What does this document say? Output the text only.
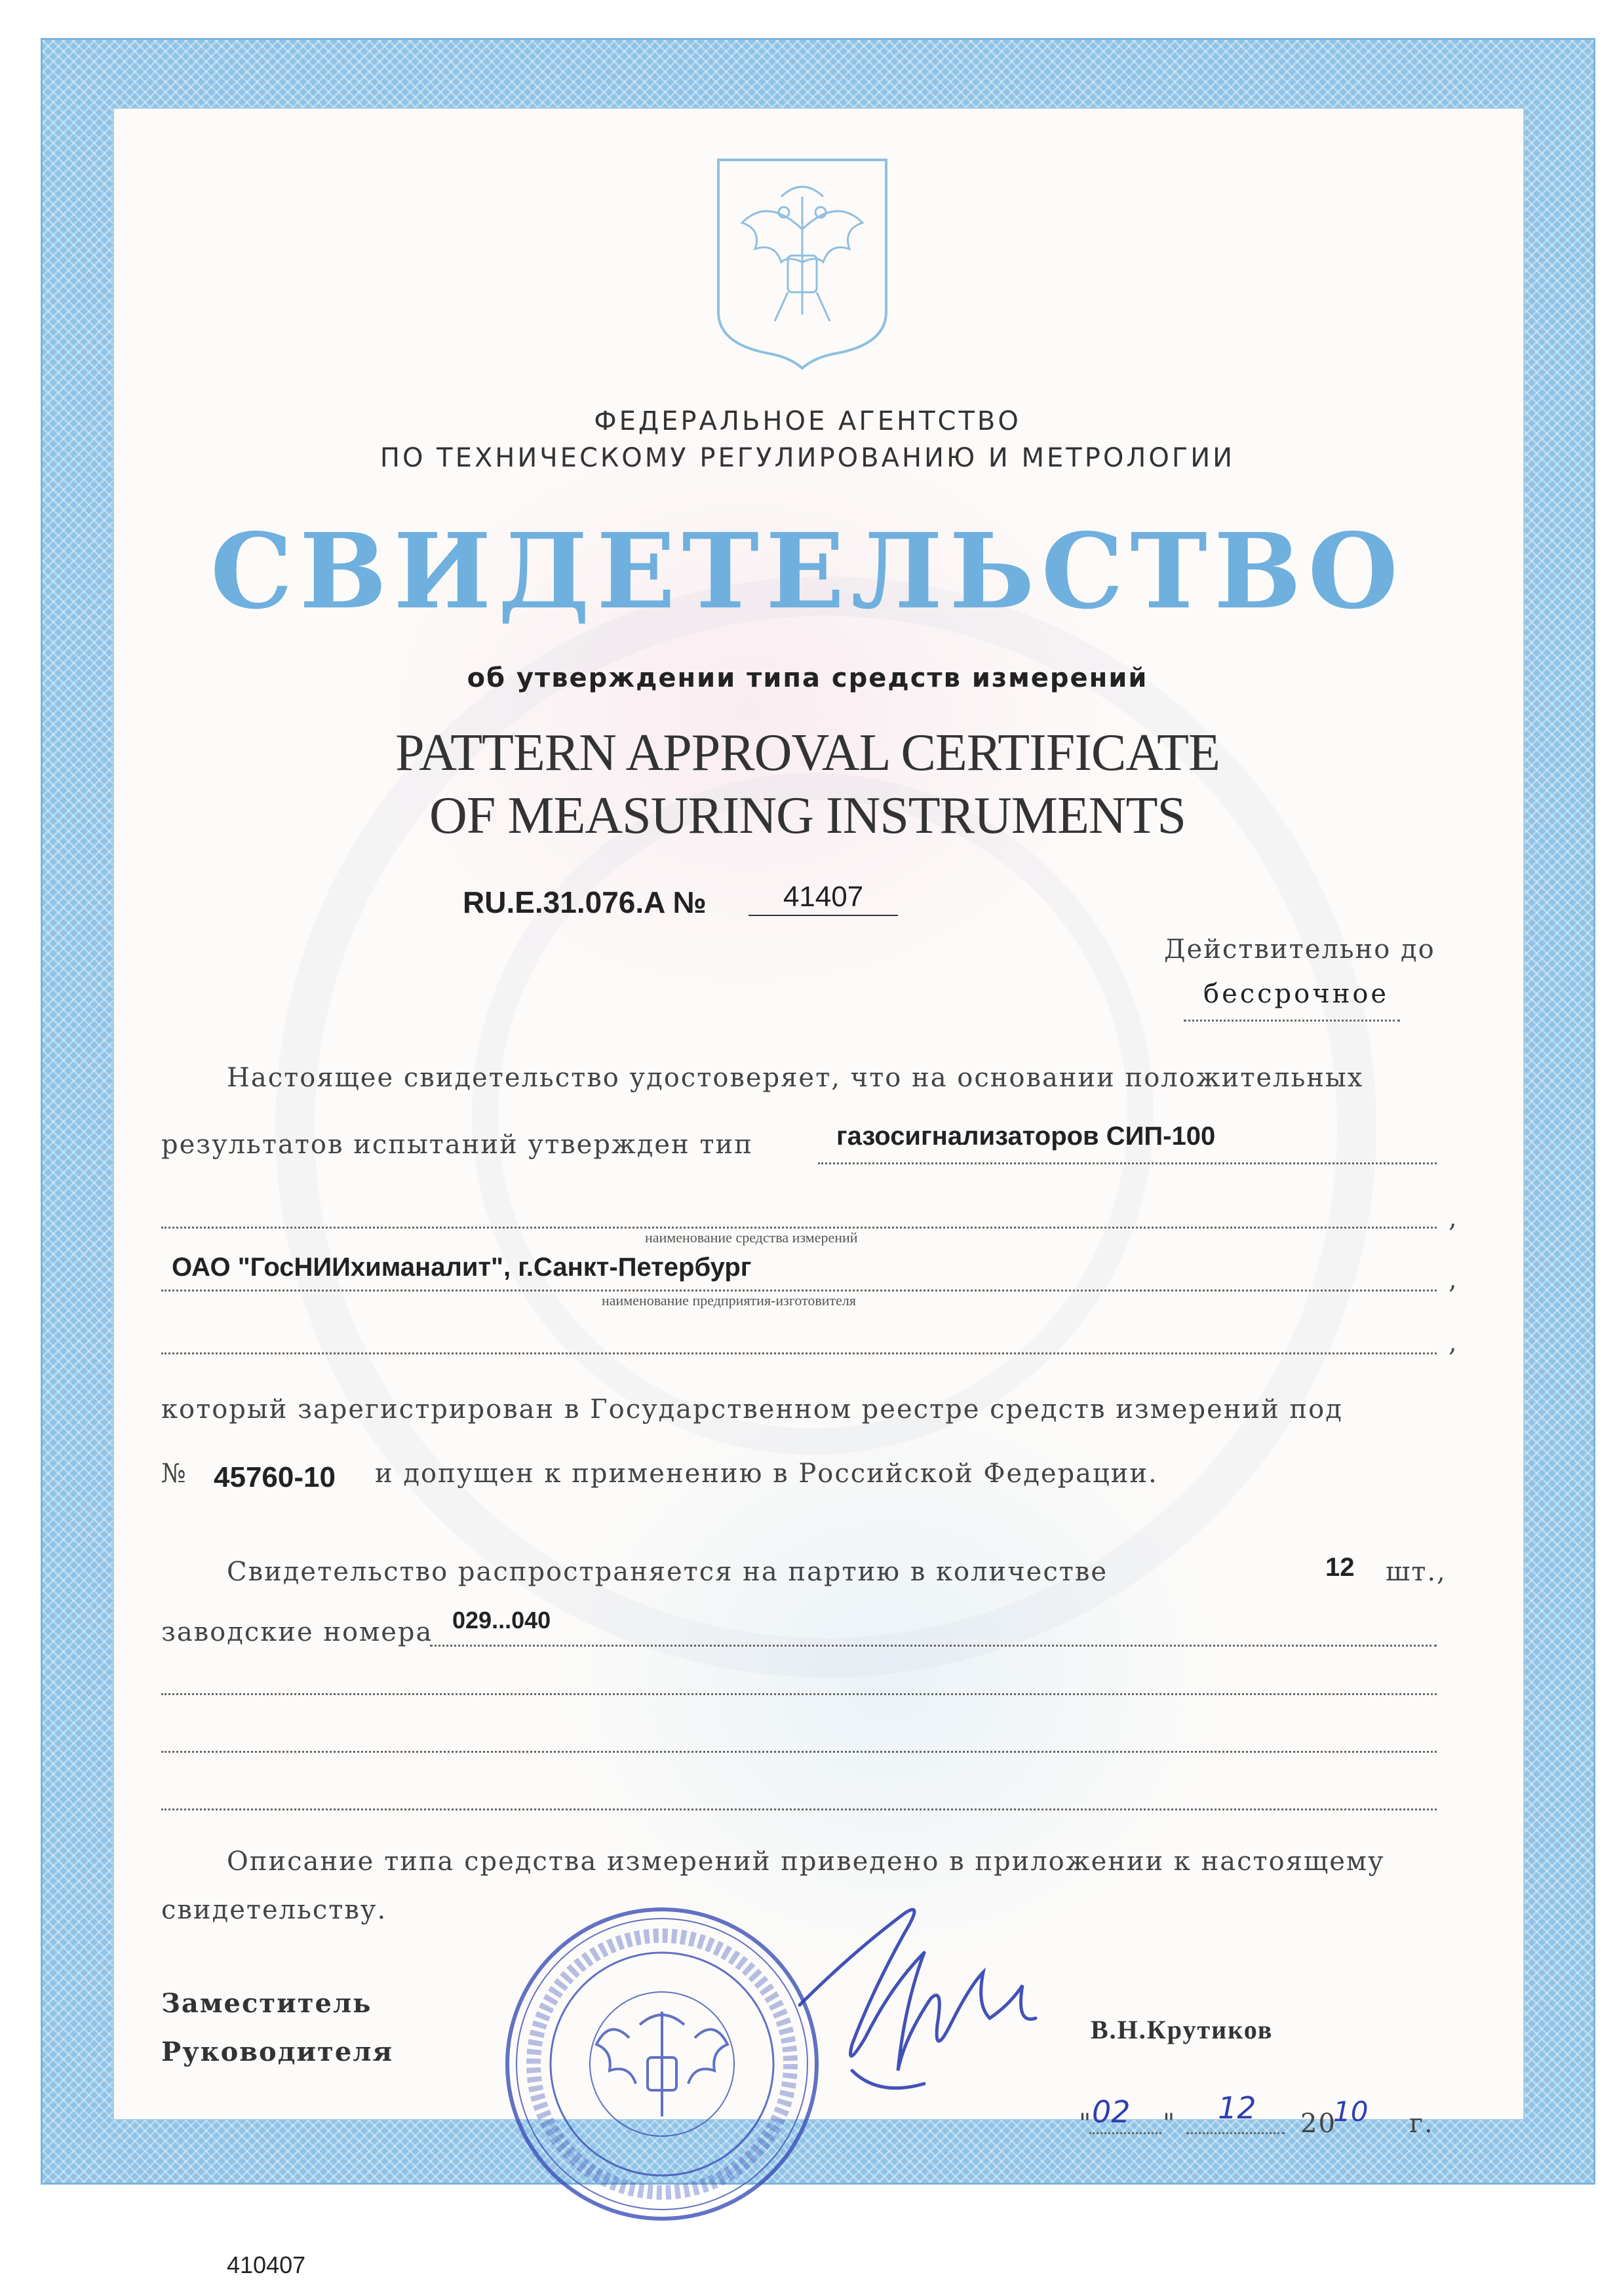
ФЕДЕРАЛЬНОЕ АГЕНТСТВО
ПО ТЕХНИЧЕСКОМУ РЕГУЛИРОВАНИЮ И МЕТРОЛОГИИ
СВИДЕТЕЛЬСТВО
об утверждении типа средств измерений
PATTERN APPROVAL CERTIFICATE
OF MEASURING INSTRUMENTS
RU.E.31.076.A №	41407
Действительно до
бессрочное
Настоящее свидетельство удостоверяет, что на основании положительных
результатов испытаний утвержден тип	газосигнализаторов СИП-100
,
наименование средства измерений
ОАО "ГосНИИхиманалит", г.Санкт-Петербург	,
наименование предприятия-изготовителя
,
который зарегистрирован в Государственном реестре средств измерений под
№ 45760-10 и допущен к применению в Российской Федерации.
Свидетельство распространяется на партию в количестве	12 шт.,
заводские номера 029...040
Описание типа средства измерений приведено в приложении к настоящему
свидетельству.
Заместитель
Руководителя
В.Н.Крутиков
" 02 " 12 20
10 г.
410407
